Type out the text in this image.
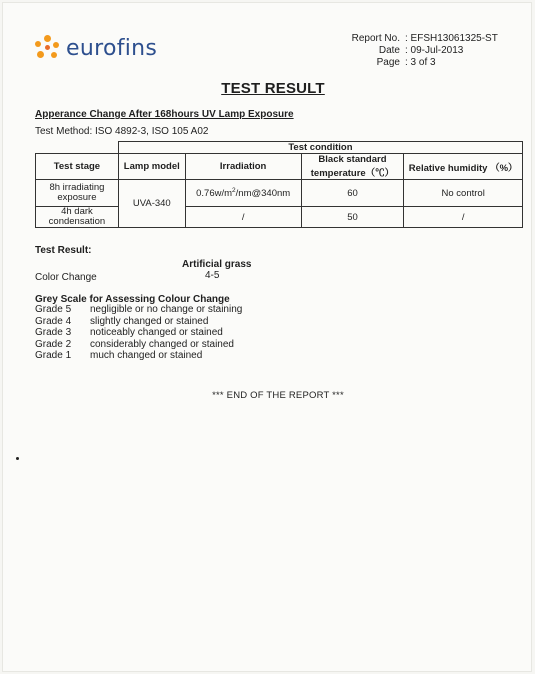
eurofins	Report No. : EFSH13061325-ST
Date : 09-Jul-2013
Page : 3 of 3
TEST RESULT
Apperance Change After 168hours UV Lamp Exposure
Test Method: ISO 4892-3, ISO 105 A02
	Test condition			
Test stage	Lamp model	Irradiation	Black standard temperature（℃）	Relative humidity （%）
8h irradiating exposure	UVA-340	$0.76w/m^2/nm@340nm$	60	No control
4h dark condensation		/	50	/
Test Result:
Artificial grass
Color Change	4-5
Grey Scale for Assessing Colour Change
Grade 5	negligible or no change or staining
Grade 4	slightly changed or stained
Grade 3	noticeably changed or stained
Grade 2	considerably changed or stained
Grade 1	much changed or stained
*** END OF THE REPORT ***
